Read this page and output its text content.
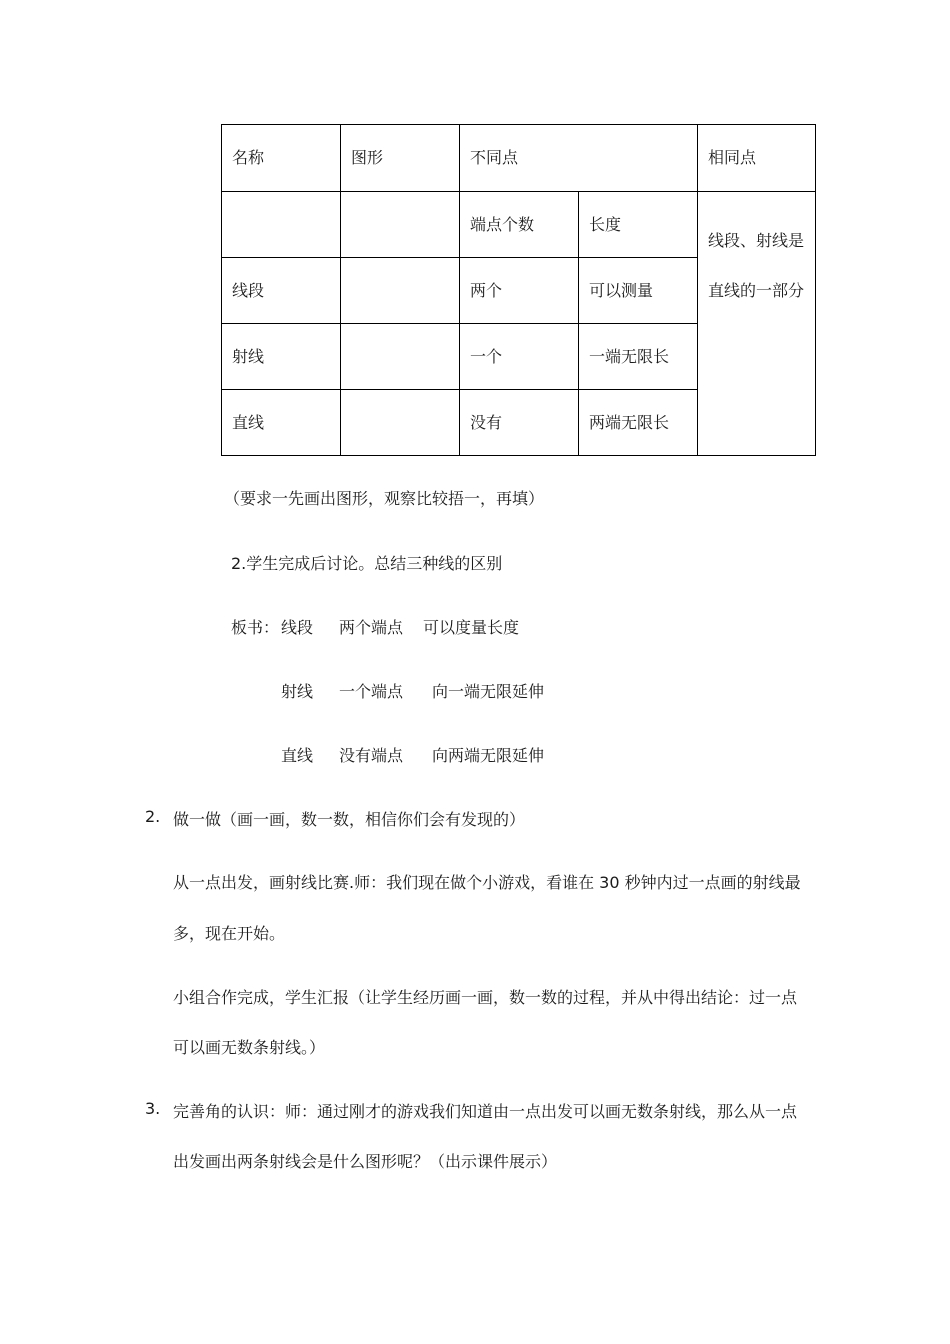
名称	图形	不同点		相同点
		端点个数	长度	线段、射线是
直线的一部分

线段		两个	可以测量	
射线		一个	一端无限长	
直线		没有	两端无限长	
（要求一先画出图形，观察比较捂一，再填）
2.学生完成后讨论。总结三种线的区别
板书： 线段 两个端点 可以度量长度
射线 一个端点 向一端无限延伸
直线 没有端点 向两端无限延伸
2. 做一做（画一画，数一数，相信你们会有发现的）
从一点出发，画射线比赛.师：我们现在做个小游戏，看谁在 30 秒钟内过一点画的射线最
多，现在开始。
小组合作完成，学生汇报（让学生经历画一画，数一数的过程，并从中得出结论：过一点
可以画无数条射线。）
3. 完善角的认识：师：通过刚才的游戏我们知道由一点出发可以画无数条射线，那么从一点
出发画出两条射线会是什么图形呢？（出示课件展示）
